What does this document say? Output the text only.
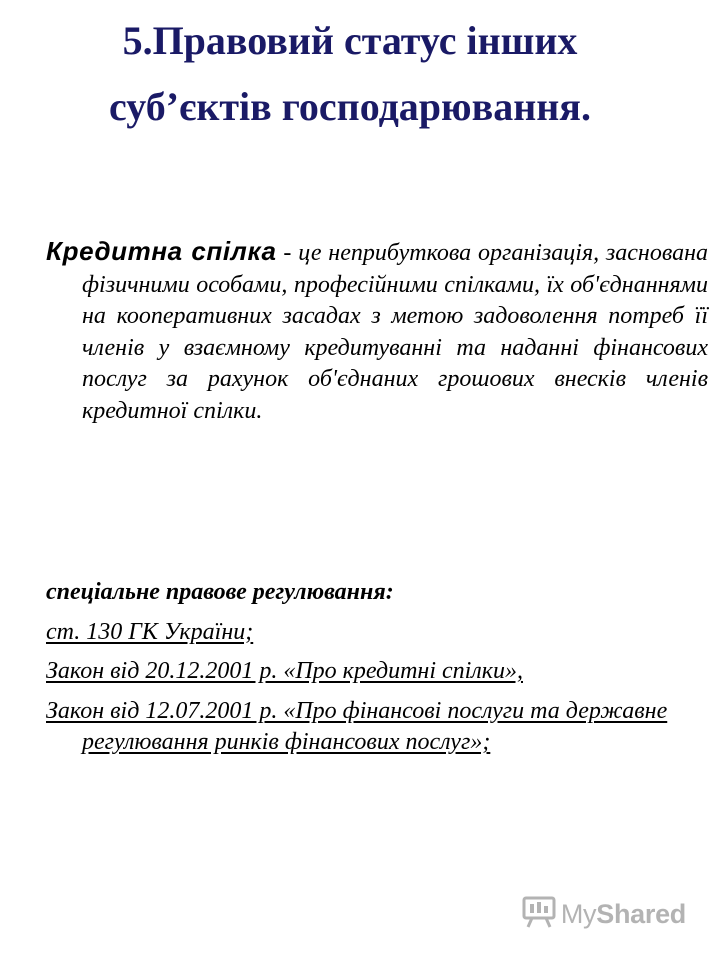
5.Правовий статус інших
суб’єктів господарювання.

Кредитна спілка - це неприбуткова організація, заснована фізичними особами, професійними спілками, їх об'єднаннями на кооперативних засадах з метою задоволення потреб її членів у взаємному кредитуванні та наданні фінансових послуг за рахунок об'єднаних грошових внесків членів кредитної спілки.

спеціальне правове регулювання:

ст. 130 ГК України;

Закон від 20.12.2001 р. «Про кредитні спілки»,

Закон від 12.07.2001 р. «Про фінансові послуги та державне регулювання ринків фінансових послуг»;

MyShared
